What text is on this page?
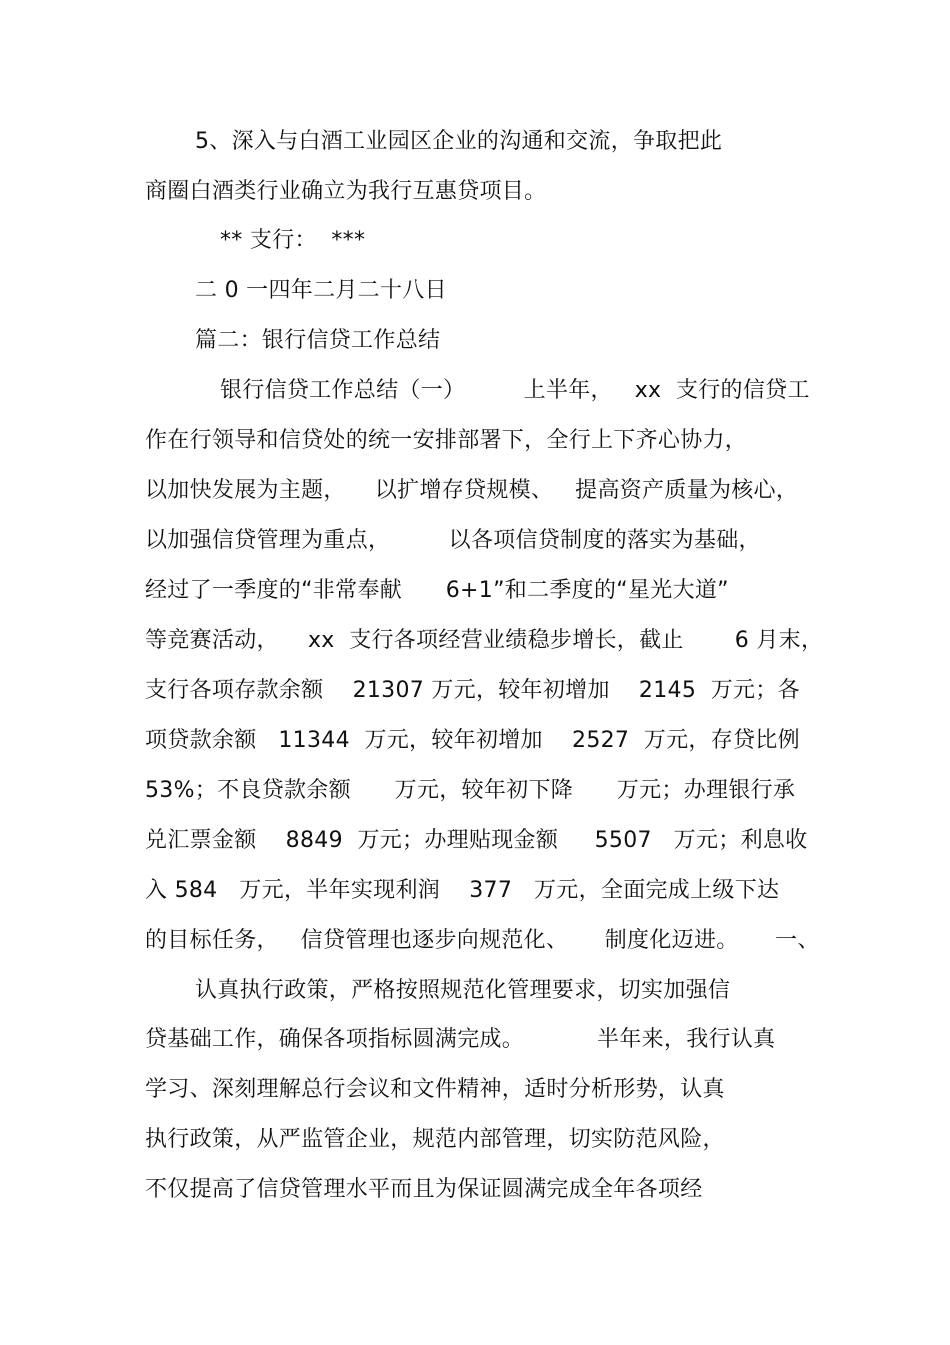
5、深入与白酒工业园区企业的沟通和交流，争取把此
商圈白酒类行业确立为我行互惠贷项目。
** 支行：  ***
二 0 一四年二月二十八日
篇二：银行信贷工作总结
银行信贷工作总结（一）        上半年，   xx  支行的信贷工
作在行领导和信贷处的统一安排部署下，全行上下齐心协力，
以加快发展为主题，    以扩增存贷规模、   提高资产质量为核心，
以加强信贷管理为重点，        以各项信贷制度的落实为基础，
经过了一季度的“非常奉献      6+1”和二季度的“星光大道”
等竞赛活动，    xx  支行各项经营业绩稳步增长，截止       6 月末，
支行各项存款余额    21307 万元，较年初增加    2145  万元；各
项贷款余额   11344  万元，较年初增加    2527  万元，存贷比例
53%；不良贷款余额      万元，较年初下降      万元；办理银行承
兑汇票金额    8849  万元；办理贴现金额     5507   万元；利息收
入 584   万元，半年实现利润    377   万元，全面完成上级下达
的目标任务，   信贷管理也逐步向规范化、     制度化迈进。     一、
认真执行政策，严格按照规范化管理要求，切实加强信
贷基础工作，确保各项指标圆满完成。          半年来，我行认真
学习、深刻理解总行会议和文件精神，适时分析形势，认真
执行政策，从严监管企业，规范内部管理，切实防范风险，
不仅提高了信贷管理水平而且为保证圆满完成全年各项经
